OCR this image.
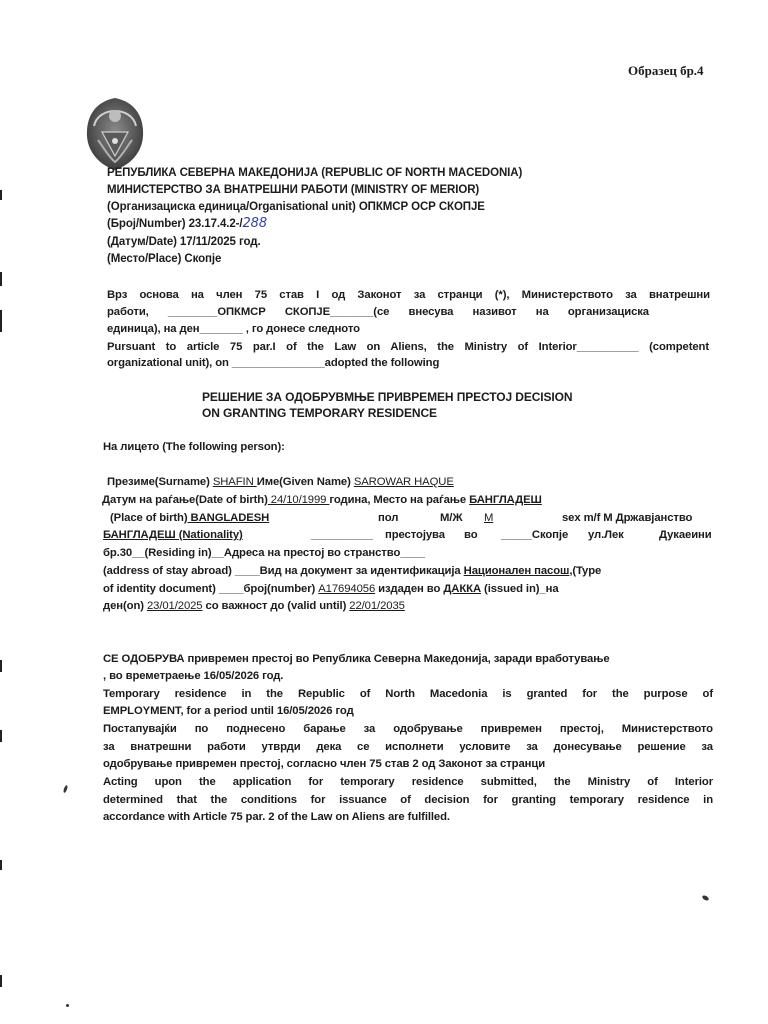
Образец бр.4
РЕПУБЛИКА СЕВЕРНА МАКЕДОНИЈА (REPUBLIC OF NORTH MACEDONIA)
МИНИСТЕРСТВО ЗА ВНАТРЕШНИ РАБОТИ (MINISTRY OF MERIOR)
(Организациска единица/Organisational unit) ОПКМСР ОСР СКОПЈЕ
(Број/Number) 23.17.4.2-/288
(Датум/Date) 17/11/2025 год.
(Место/Place) Скопје
Врз основа на член 75 став I од Законот за странци (*), Министерството за внатрешни
работи, ________ОПКМСР СКОПЈЕ_______(се внесува називот на организациска
единица), на ден_______ , го донесе следното
Pursuant to article 75 par.I of the Law on Aliens, the Ministry of Interior__________ (competent
organizational unit), on _______________adopted the following
РЕШЕНИЕ ЗА ОДОБРУВМЊЕ ПРИВРЕМЕН ПРЕСТОЈ DECISION
ON GRANTING TEMPORARY RESIDENCE
На лицето (The following person):
Презиме(Surname) SHAFIN Име(Given Name) SAROWAR HAQUE
Датум на раѓање(Date of birth) 24/10/1999 година, Место на раѓање БАНГЛАДЕШ
(Place of birth) BANGLADESH	пол	М/Ж М	sex m/f М Државјанство
БАНГЛАДЕШ (Nationality)	__________ престојува во _____Скопје ул.Лек	Дукаеини
бр.30__(Residing in)__Адреса на престој во странство____
(address of stay abroad) ____Вид на документ за идентификација Национален пасош,(Type
of identity document) ____број(number) A17694056 издаден во ДАККА (issued in)_на
ден(on) 23/01/2025 со важност до (valid until) 22/01/2035
СЕ ОДОБРУВА привремен престој во Република Северна Македонија, заради вработување
, во времетраење 16/05/2026 год.
Temporary residence in the Republic of North Macedonia is granted for the purpose of
EMPLOYMENT, for a period until 16/05/2026 год
Постапувајќи по поднесено барање за одобрување привремен престој, Министерството
за внатрешни работи утврди дека се исполнети условите за донесување решение за
одобрување привремен престој, согласно член 75 став 2 од Законот за странци
Acting upon the application for temporary residence submitted, the Ministry of Interior
determined that the conditions for issuance of decision for granting temporary residence in
accordance with Article 75 par. 2 of the Law on Aliens are fulfilled.
